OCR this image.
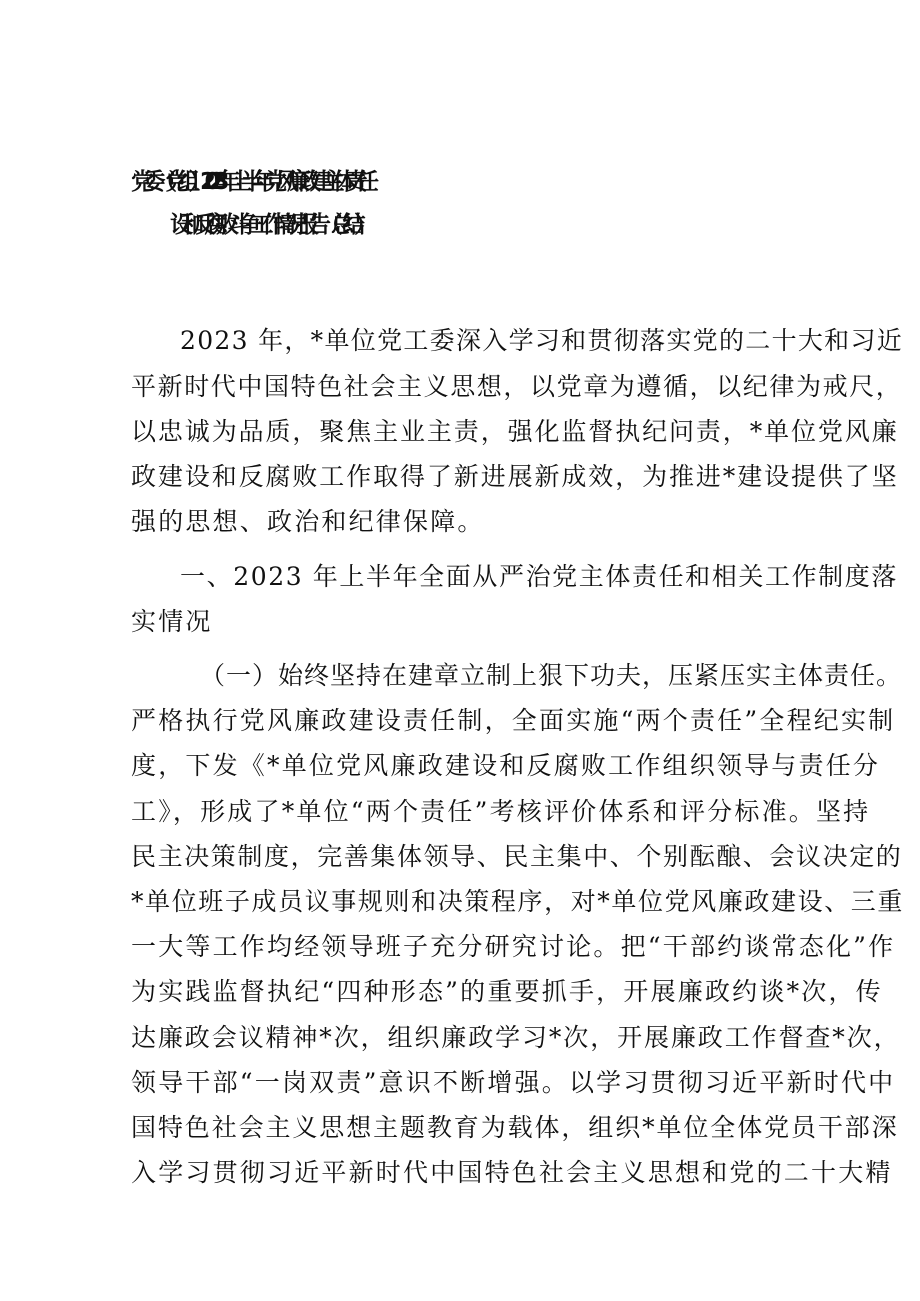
党委（党组）2023年上半年党风廉政建主体责任
设和反腐败斗争工作情况报告（总结）
2023 年，*单位党工委深入学习和贯彻落实党的二十大和习近
平新时代中国特色社会主义思想，以党章为遵循，以纪律为戒尺，
以忠诚为品质，聚焦主业主责，强化监督执纪问责，*单位党风廉
政建设和反腐败工作取得了新进展新成效，为推进*建设提供了坚
强的思想、政治和纪律保障。
一、2023 年上半年全面从严治党主体责任和相关工作制度落
实情况
（一）始终坚持在建章立制上狠下功夫，压紧压实主体责任。
严格执行党风廉政建设责任制，全面实施“两个责任”全程纪实制
度，下发《*单位党风廉政建设和反腐败工作组织领导与责任分
工》，形成了*单位“两个责任”考核评价体系和评分标准。坚持
民主决策制度，完善集体领导、民主集中、个别酝酿、会议决定的
*单位班子成员议事规则和决策程序，对*单位党风廉政建设、三重
一大等工作均经领导班子充分研究讨论。把“干部约谈常态化”作
为实践监督执纪“四种形态”的重要抓手，开展廉政约谈*次，传
达廉政会议精神*次，组织廉政学习*次，开展廉政工作督查*次，
领导干部“一岗双责”意识不断增强。以学习贯彻习近平新时代中
国特色社会主义思想主题教育为载体，组织*单位全体党员干部深
入学习贯彻习近平新时代中国特色社会主义思想和党的二十大精
